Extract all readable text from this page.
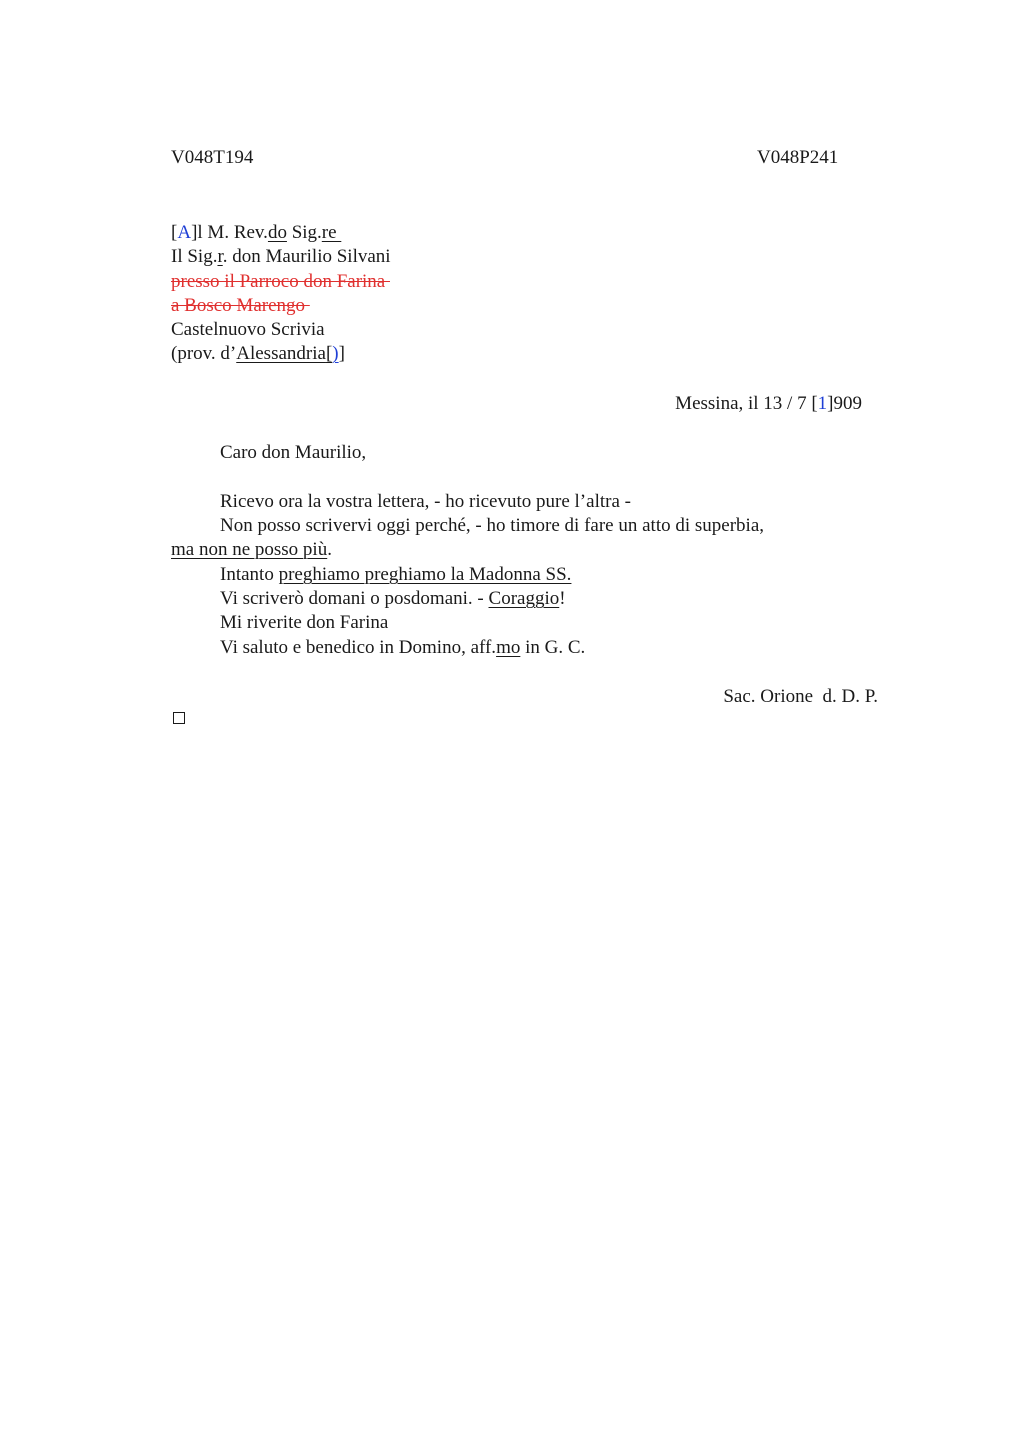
V048T194	V048P241
[A]l M. Rev.do Sig.re
Il Sig.r. don Maurilio Silvani
presso il Parroco don Farina
a Bosco Marengo
Castelnuovo Scrivia
(prov. d’Alessandria[)]
Messina, il 13 / 7 [1]909
Caro don Maurilio,
Ricevo ora la vostra lettera, - ho ricevuto pure l’altra -
Non posso scrivervi oggi perché, - ho timore di fare un atto di superbia,
ma non ne posso più.
Intanto preghiamo preghiamo la Madonna SS.
Vi scriverò domani o posdomani. - Coraggio!
Mi riverite don Farina
Vi saluto e benedico in Domino, aff.mo in G. C.
Sac. Orione  d. D. P.
